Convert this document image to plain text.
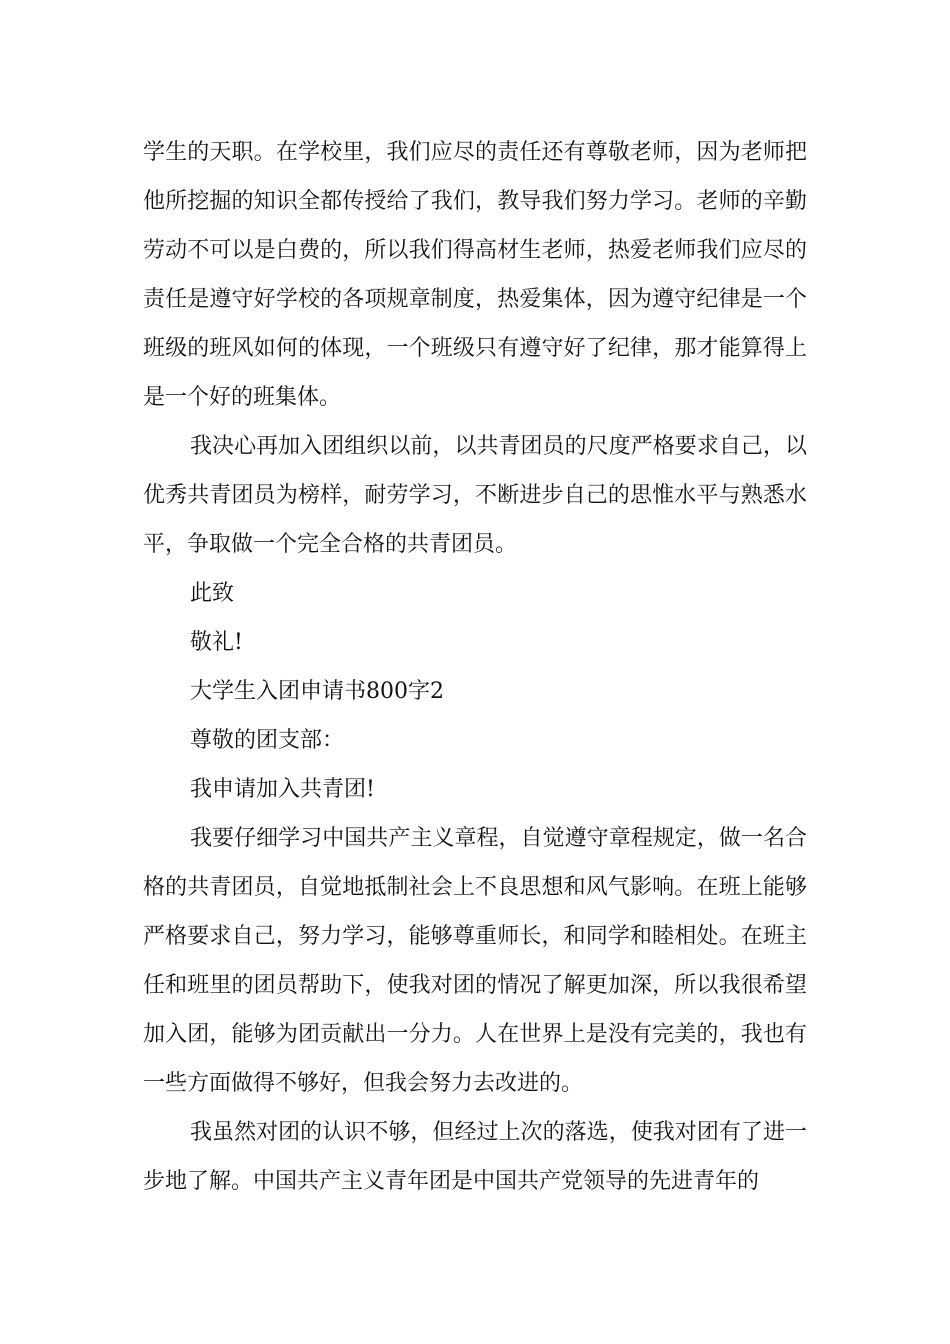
学生的天职。在学校里，我们应尽的责任还有尊敬老师，因为老师把他所挖掘的知识全都传授给了我们，教导我们努力学习。老师的辛勤劳动不可以是白费的，所以我们得高材生老师，热爱老师我们应尽的责任是遵守好学校的各项规章制度，热爱集体，因为遵守纪律是一个班级的班风如何的体现，一个班级只有遵守好了纪律，那才能算得上是一个好的班集体。

我决心再加入团组织以前，以共青团员的尺度严格要求自己，以优秀共青团员为榜样，耐劳学习，不断进步自己的思惟水平与熟悉水平，争取做一个完全合格的共青团员。

此致

敬礼!

大学生入团申请书800字2

尊敬的团支部：

我申请加入共青团!

我要仔细学习中国共产主义章程，自觉遵守章程规定，做一名合格的共青团员，自觉地抵制社会上不良思想和风气影响。在班上能够严格要求自己，努力学习，能够尊重师长，和同学和睦相处。在班主任和班里的团员帮助下，使我对团的情况了解更加深，所以我很希望加入团，能够为团贡献出一分力。人在世界上是没有完美的，我也有一些方面做得不够好，但我会努力去改进的。

我虽然对团的认识不够，但经过上次的落选，使我对团有了进一步地了解。中国共产主义青年团是中国共产党领导的先进青年的
